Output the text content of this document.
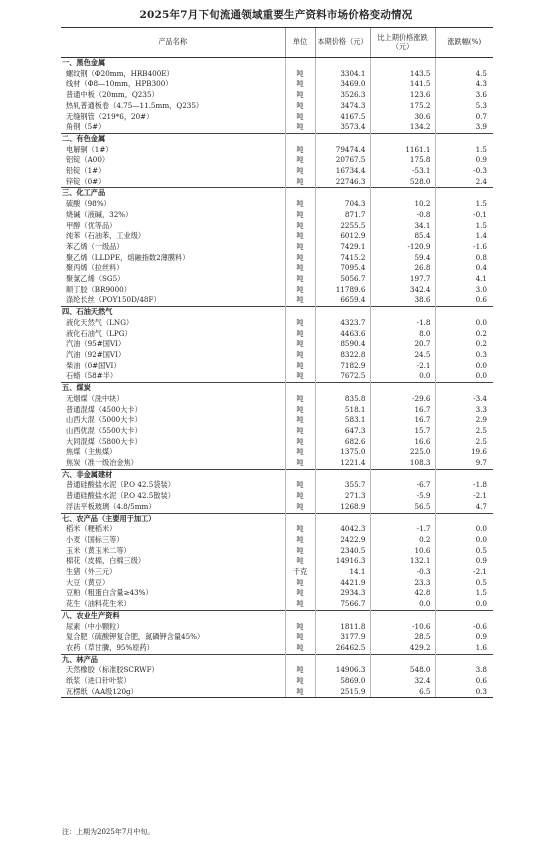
2025年7月下旬流通领域重要生产资料市场价格变动情况
产品名称	单位	本期价格（元）	比上期价格涨跌（元）	涨跌幅(%)
一、黑色金属				
螺纹钢（Φ20mm，HRB400E）	吨	3304.1	143.5	4.5
线材（Φ8—10mm，HPB300）	吨	3469.0	141.5	4.3
普通中板（20mm，Q235）	吨	3526.3	123.6	3.6
热轧普通板卷（4.75—11.5mm，Q235）	吨	3474.3	175.2	5.3
无缝钢管（219*6，20#）	吨	4167.5	30.6	0.7
角钢（5#）	吨	3573.4	134.2	3.9
二、有色金属				
电解铜（1#）	吨	79474.4	1161.1	1.5
铝锭（A00）	吨	20767.5	175.8	0.9
铅锭（1#）	吨	16734.4	-53.1	-0.3
锌锭（0#）	吨	22746.3	528.0	2.4
三、化工产品				
硫酸（98%）	吨	704.3	10.2	1.5
烧碱（液碱，32%）	吨	871.7	-0.8	-0.1
甲醇（优等品）	吨	2255.5	34.1	1.5
纯苯（石油苯，工业级）	吨	6012.9	85.4	1.4
苯乙烯（一级品）	吨	7429.1	-120.9	-1.6
聚乙烯（LLDPE，熔融指数2薄膜料）	吨	7415.2	59.4	0.8
聚丙烯（拉丝料）	吨	7095.4	26.8	0.4
聚氯乙烯（SG5）	吨	5056.7	197.7	4.1
顺丁胶（BR9000）	吨	11789.6	342.4	3.0
涤纶长丝（POY150D/48F）	吨	6659.4	38.6	0.6
四、石油天然气				
液化天然气（LNG）	吨	4323.7	-1.8	0.0
液化石油气（LPG）	吨	4463.6	8.0	0.2
汽油（95#国VI）	吨	8590.4	20.7	0.2
汽油（92#国VI）	吨	8322.8	24.5	0.3
柴油（0#国VI）	吨	7182.9	-2.1	0.0
石蜡（58#半）	吨	7672.5	0.0	0.0
五、煤炭				
无烟煤（洗中块）	吨	835.8	-29.6	-3.4
普通混煤（4500大卡）	吨	518.1	16.7	3.3
山西大混（5000大卡）	吨	583.1	16.7	2.9
山西优混（5500大卡）	吨	647.3	15.7	2.5
大同混煤（5800大卡）	吨	682.6	16.6	2.5
焦煤（主焦煤）	吨	1375.0	225.0	19.6
焦炭（准一级冶金焦）	吨	1221.4	108.3	9.7
六、非金属建材				
普通硅酸盐水泥（P.O 42.5袋装）	吨	355.7	-6.7	-1.8
普通硅酸盐水泥（P.O 42.5散装）	吨	271.3	-5.9	-2.1
浮法平板玻璃（4.8/5mm）	吨	1268.9	56.5	4.7
七、农产品（主要用于加工）				
稻米（粳稻米）	吨	4042.3	-1.7	0.0
小麦（国标三等）	吨	2422.9	0.2	0.0
玉米（黄玉米二等）	吨	2340.5	10.6	0.5
棉花（皮棉，白棉三级）	吨	14916.3	132.1	0.9
生猪（外三元）	千克	14.1	-0.3	-2.1
大豆（黄豆）	吨	4421.9	23.3	0.5
豆粕（粗蛋白含量≥43%）	吨	2934.3	42.8	1.5
花生（油料花生米）	吨	7566.7	0.0	0.0
八、农业生产资料				
尿素（中小颗粒）	吨	1811.8	-10.6	-0.6
复合肥（硫酸钾复合肥，氮磷钾含量45%）	吨	3177.9	28.5	0.9
农药（草甘膦，95%原药）	吨	26462.5	429.2	1.6
九、林产品				
天然橡胶（标准胶SCRWF）	吨	14906.3	548.0	3.8
纸浆（进口针叶浆）	吨	5869.0	32.4	0.6
瓦楞纸（AA级120g）	吨	2515.9	6.5	0.3
注：上期为2025年7月中旬。
